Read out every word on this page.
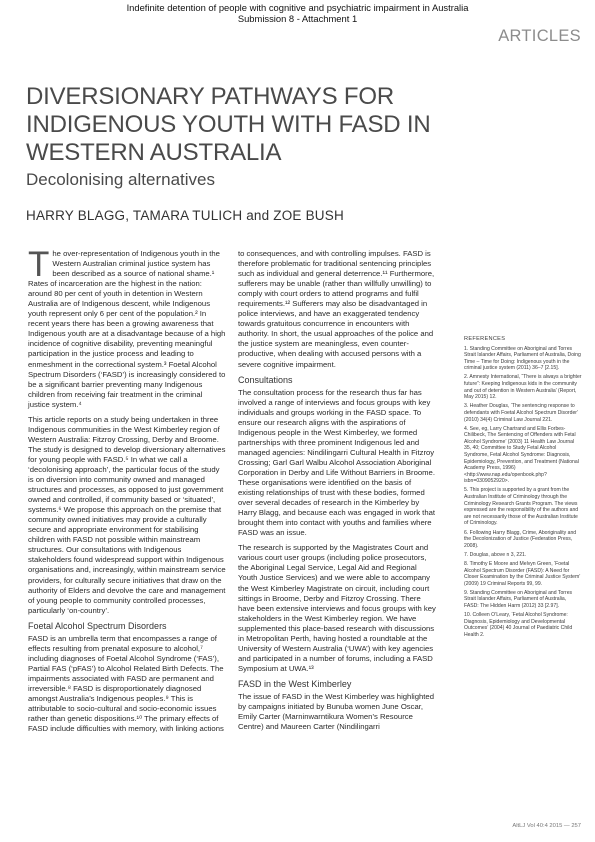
Indefinite detention of people with cognitive and psychiatric impairment in Australia
Submission 8 - Attachment 1
ARTICLES
DIVERSIONARY PATHWAYS FOR INDIGENOUS YOUTH WITH FASD IN WESTERN AUSTRALIA
Decolonising alternatives
HARRY BLAGG, TAMARA TULICH and ZOE BUSH

The over-representation of Indigenous youth in the Western Australian criminal justice system has been described as a source of national shame.¹ Rates of incarceration are the highest in the nation: around 80 per cent of youth in detention in Western Australia are of Indigenous descent, while Indigenous youth represent only 6 per cent of the population.² In recent years there has been a growing awareness that Indigenous youth are at a disadvantage because of a high incidence of cognitive disability, preventing meaningful participation in the justice process and leading to enmeshment in the correctional system.³ Foetal Alcohol Spectrum Disorders (‘FASD’) is increasingly considered to be a significant barrier preventing many Indigenous children from receiving fair treatment in the criminal justice system.⁴

This article reports on a study being undertaken in three Indigenous communities in the West Kimberley region of Western Australia: Fitzroy Crossing, Derby and Broome. The study is designed to develop diversionary alternatives for young people with FASD.⁵ In what we call a ‘decolonising approach’, the particular focus of the study is on diversion into community owned and managed structures and processes, as opposed to just government owned and controlled, if community based or ‘situated’, systems.⁶ We propose this approach on the premise that community owned initiatives may provide a culturally secure and appropriate environment for stabilising children with FASD not possible within mainstream structures. Our consultations with Indigenous stakeholders found widespread support within Indigenous organisations and, increasingly, within mainstream service providers, for culturally secure initiatives that draw on the authority of Elders and devolve the care and management of young people to community controlled processes, particularly ‘on-country’.

Foetal Alcohol Spectrum Disorders

FASD is an umbrella term that encompasses a range of effects resulting from prenatal exposure to alcohol,⁷ including diagnoses of Foetal Alcohol Syndrome (‘FAS’), Partial FAS (‘pFAS’) to Alcohol Related Birth Defects. The impairments associated with FASD are permanent and irreversible.⁸ FASD is disproportionately diagnosed amongst Australia’s Indigenous peoples.⁹ This is attributable to socio-cultural and socio-economic issues rather than genetic dispositions.¹⁰ The primary effects of FASD include difficulties with memory, with linking actions

to consequences, and with controlling impulses. FASD is therefore problematic for traditional sentencing principles such as individual and general deterrence.¹¹ Furthermore, sufferers may be unable (rather than willfully unwilling) to comply with court orders to attend programs and fulfil requirements.¹² Sufferers may also be disadvantaged in police interviews, and have an exaggerated tendency towards gratuitous concurrence in encounters with authority. In short, the usual approaches of the police and the justice system are meaningless, even counter-productive, when dealing with accused persons with a severe cognitive impairment.

Consultations

The consultation process for the research thus far has involved a range of interviews and focus groups with key individuals and groups working in the FASD space. To ensure our research aligns with the aspirations of Indigenous people in the West Kimberley, we formed partnerships with three prominent Indigenous led and managed agencies: Nindilingarri Cultural Health in Fitzroy Crossing; Garl Garl Walbu Alcohol Association Aboriginal Corporation in Derby and Life Without Barriers in Broome. These organisations were identified on the basis of existing relationships of trust with these bodies, formed over several decades of research in the Kimberley by Harry Blagg, and because each was engaged in work that brought them into contact with youths and families where FASD was an issue.

The research is supported by the Magistrates Court and various court user groups (including police prosecutors, the Aboriginal Legal Service, Legal Aid and Regional Youth Justice Services) and we were able to accompany the West Kimberley Magistrate on circuit, including court sittings in Broome, Derby and Fitzroy Crossing. There have been extensive interviews and focus groups with key stakeholders in the West Kimberley region. We have supplemented this place-based research with discussions in Metropolitan Perth, having hosted a roundtable at the University of Western Australia (‘UWA’) with key agencies and participated in a number of forums, including a FASD Symposium at UWA.¹³

FASD in the West Kimberley

The issue of FASD in the West Kimberley was highlighted by campaigns initiated by Bunuba women June Oscar, Emily Carter (Marninwarntikura Women’s Resource Centre) and Maureen Carter (Nindilingarri

REFERENCES
1. Standing Committee on Aboriginal and Torres Strait Islander Affairs, Parliament of Australia, Doing Time – Time for Doing: Indigenous youth in the criminal justice system (2011) 36–7 [2.15].
2. Amnesty International, “There is always a brighter future”: Keeping Indigenous kids in the community and out of detention in Western Australia’ (Report, May 2015) 12.
3. Heather Douglas, ‘The sentencing response to defendants with Foetal Alcohol Spectrum Disorder’ (2010) 34(4) Criminal Law Journal 221.
4. See, eg, Larry Chartrand and Ellis Forbes-Chilibeck, The Sentencing of Offenders with Fetal Alcohol Syndrome’ (2003) 11 Health Law Journal 35, 40; Committee to Study Fetal Alcohol Syndrome, Fetal Alcohol Syndrome: Diagnosis, Epidemiology, Prevention, and Treatment (National Academy Press, 1996) <http://www.nap.edu/openbook.php?isbn=0309052920>.
5. This project is supported by a grant from the Australian Institute of Criminology through the Criminology Research Grants Program. The views expressed are the responsibility of the authors and are not necessarily those of the Australian Institute of Criminology.
6. Following Harry Blagg, Crime, Aboriginality and the Decolonization of Justice (Federation Press, 2008).
7. Douglas, above n 3, 221.
8. Timothy E Moore and Melvyn Green, ‘Foetal Alcohol Spectrum Disorder (FASD): A Need for Closer Examination by the Criminal Justice System’ (2009) 19 Criminal Reports 99, 99.
9. Standing Committee on Aboriginal and Torres Strait Islander Affairs, Parliament of Australia, FASD: The Hidden Harm (2012) 33 [2.97].
10. Colleen O’Leary, ‘Fetal Alcohol Syndrome: Diagnosis, Epidemiology and Developmental Outcomes’ (2004) 40 Journal of Paediatric Child Health 2.
AltLJ Vol 40:4 2015 — 257
